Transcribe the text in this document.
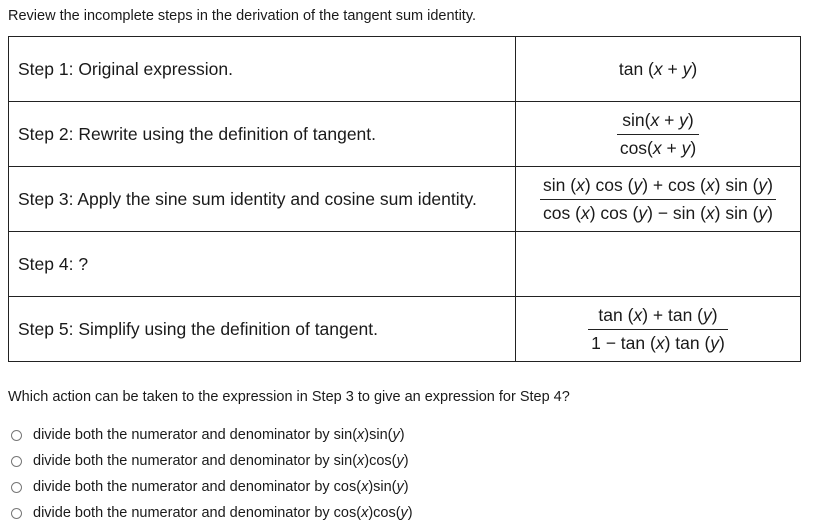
Review the incomplete steps in the derivation of the tangent sum identity.
Step 1: Original expression.	tan (x + y)
Step 2: Rewrite using the definition of tangent.	$\frac{\sin(x + y)}{\cos(x + y)}$

Step 3: Apply the sine sum identity and cosine sum identity.	$\frac{\sin (x) \cos (y) + \cos (x) \sin (y)}{\cos (x) \cos (y) - \sin (x) \sin (y)}$

Step 4: ?	
Step 5: Simplify using the definition of tangent.	$\frac{\tan (x) + \tan (y)}{1 - \tan (x) \tan (y)}$
Which action can be taken to the expression in Step 3 to give an expression for Step 4?
divide both the numerator and denominator by sin(x)sin(y)
divide both the numerator and denominator by sin(x)cos(y)
divide both the numerator and denominator by cos(x)sin(y)
divide both the numerator and denominator by cos(x)cos(y)
